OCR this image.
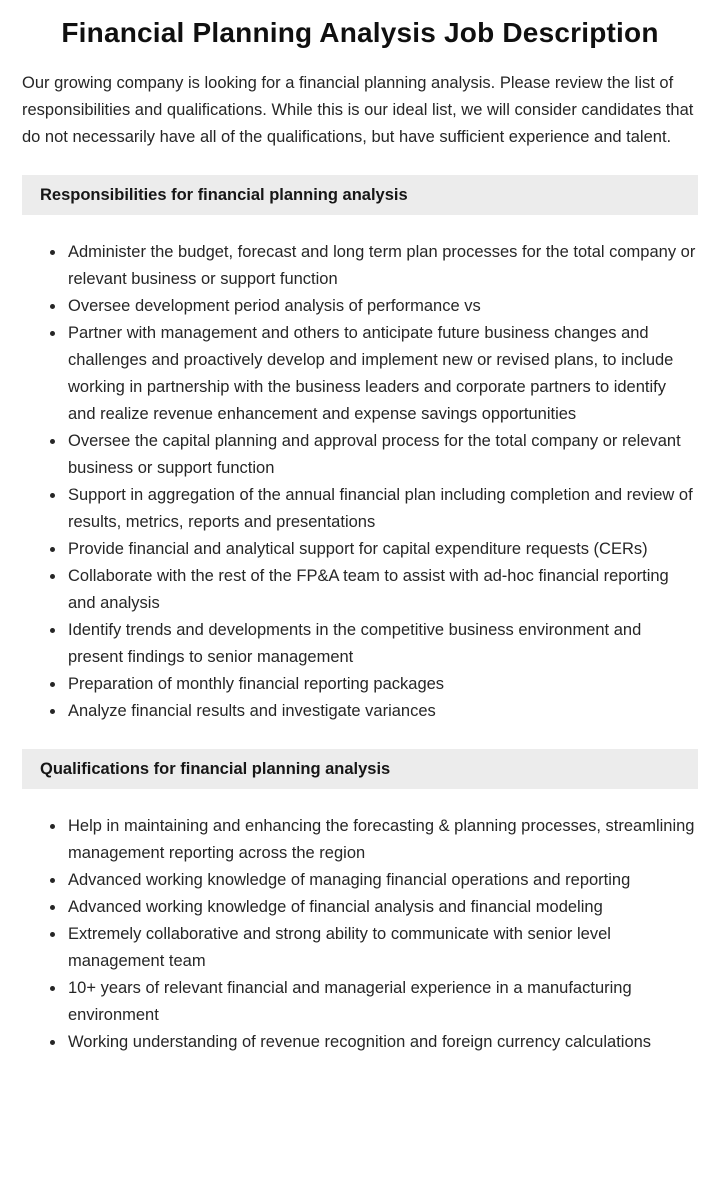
Financial Planning Analysis Job Description

Our growing company is looking for a financial planning analysis. Please review the list of responsibilities and qualifications. While this is our ideal list, we will consider candidates that do not necessarily have all of the qualifications, but have sufficient experience and talent.

Responsibilities for financial planning analysis
• Administer the budget, forecast and long term plan processes for the total company or relevant business or support function
• Oversee development period analysis of performance vs
• Partner with management and others to anticipate future business changes and challenges and proactively develop and implement new or revised plans, to include working in partnership with the business leaders and corporate partners to identify and realize revenue enhancement and expense savings opportunities
• Oversee the capital planning and approval process for the total company or relevant business or support function
• Support in aggregation of the annual financial plan including completion and review of results, metrics, reports and presentations
• Provide financial and analytical support for capital expenditure requests (CERs)
• Collaborate with the rest of the FP&A team to assist with ad-hoc financial reporting and analysis
• Identify trends and developments in the competitive business environment and present findings to senior management
• Preparation of monthly financial reporting packages
• Analyze financial results and investigate variances
Qualifications for financial planning analysis
• Help in maintaining and enhancing the forecasting & planning processes, streamlining management reporting across the region
• Advanced working knowledge of managing financial operations and reporting
• Advanced working knowledge of financial analysis and financial modeling
• Extremely collaborative and strong ability to communicate with senior level management team
• 10+ years of relevant financial and managerial experience in a manufacturing environment
• Working understanding of revenue recognition and foreign currency calculations
